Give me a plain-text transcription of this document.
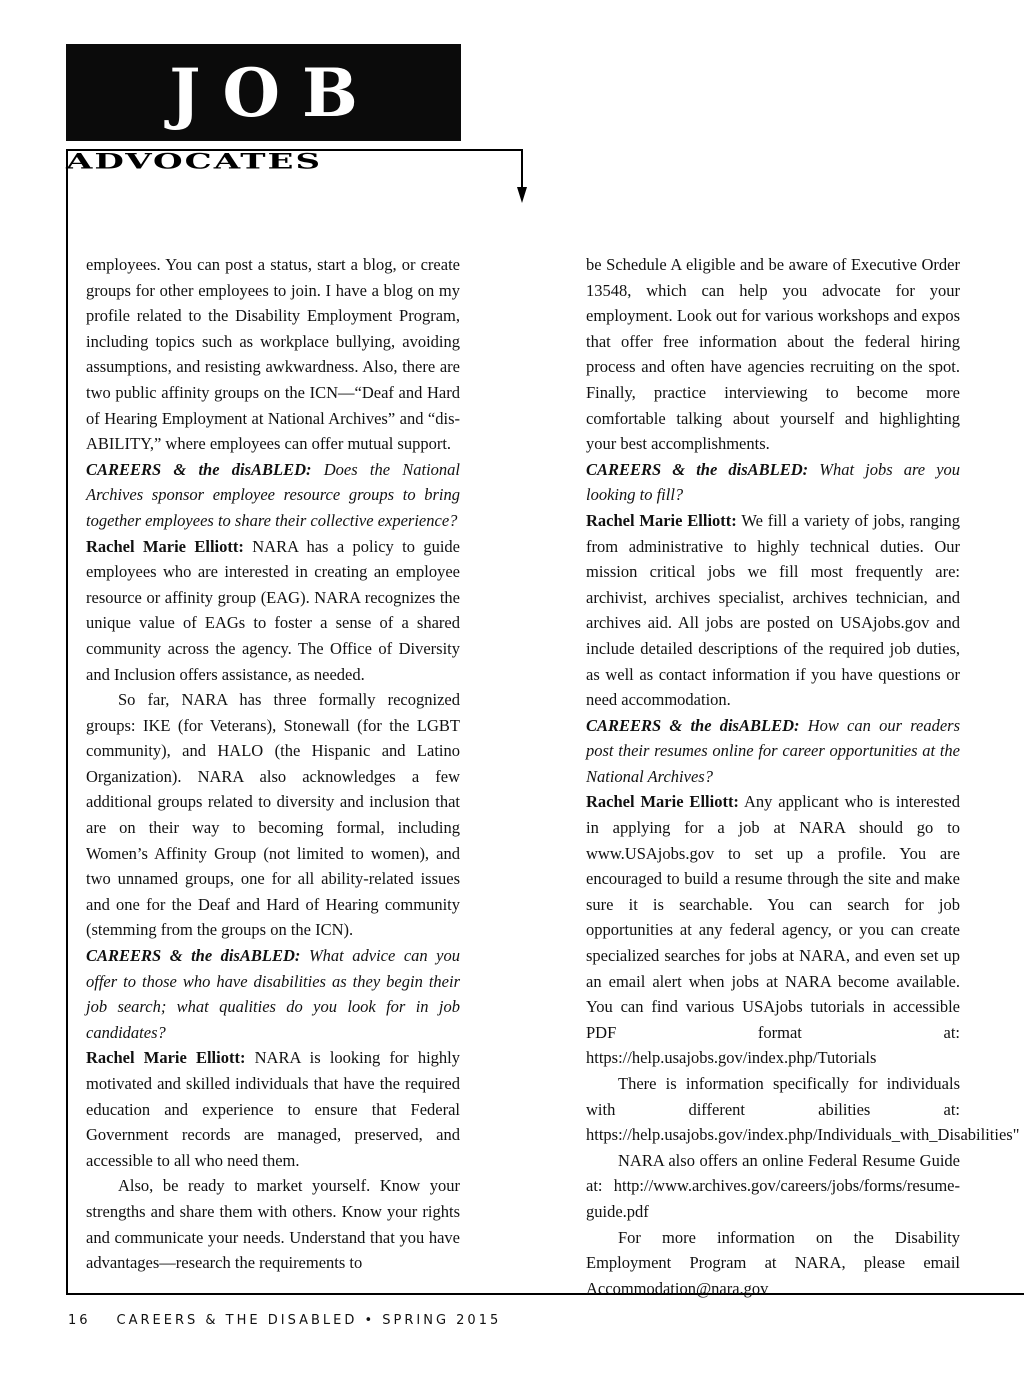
JOB
ADVOCATES

employees. You can post a status, start a blog, or create groups for other employees to join. I have a blog on my profile related to the Disability Employment Program, including topics such as workplace bullying, avoiding assumptions, and resisting awkwardness. Also, there are two public affinity groups on the ICN—“Deaf and Hard of Hearing Employment at National Archives” and “dis-ABILITY,” where employees can offer mutual support.

CAREERS & the disABLED: Does the National Archives sponsor employee resource groups to bring together employees to share their collective experience?

Rachel Marie Elliott: NARA has a policy to guide employees who are interested in creating an employee resource or affinity group (EAG). NARA recognizes the unique value of EAGs to foster a sense of a shared community across the agency. The Office of Diversity and Inclusion offers assistance, as needed.

So far, NARA has three formally recognized groups: IKE (for Veterans), Stonewall (for the LGBT community), and HALO (the Hispanic and Latino Organization). NARA also acknowledges a few additional groups related to diversity and inclusion that are on their way to becoming formal, including Women’s Affinity Group (not limited to women), and two unnamed groups, one for all ability-related issues and one for the Deaf and Hard of Hearing community (stemming from the groups on the ICN).

CAREERS & the disABLED: What advice can you offer to those who have disabilities as they begin their job search; what qualities do you look for in job candidates?

Rachel Marie Elliott: NARA is looking for highly motivated and skilled individuals that have the required education and experience to ensure that Federal Government records are managed, preserved, and accessible to all who need them.

Also, be ready to market yourself. Know your strengths and share them with others. Know your rights and communicate your needs. Understand that you have advantages—research the requirements to

be Schedule A eligible and be aware of Executive Order 13548, which can help you advocate for your employment. Look out for various workshops and expos that offer free information about the federal hiring process and often have agencies recruiting on the spot. Finally, practice interviewing to become more comfortable talking about yourself and highlighting your best accomplishments.

CAREERS & the disABLED: What jobs are you looking to fill?

Rachel Marie Elliott: We fill a variety of jobs, ranging from administrative to highly technical duties. Our mission critical jobs we fill most frequently are: archivist, archives specialist, archives technician, and archives aid. All jobs are posted on USAjobs.gov and include detailed descriptions of the required job duties, as well as contact information if you have questions or need accommodation.

CAREERS & the disABLED: How can our readers post their resumes online for career opportunities at the National Archives?

Rachel Marie Elliott: Any applicant who is interested in applying for a job at NARA should go to www.USAjobs.gov to set up a profile. You are encouraged to build a resume through the site and make sure it is searchable. You can search for job opportunities at any federal agency, or you can create specialized searches for jobs at NARA, and even set up an email alert when jobs at NARA become available. You can find various USAjobs tutorials in accessible PDF format at: https://help.usajobs.gov/index.php/Tutorials

There is information specifically for individuals with different abilities at: https://help.usajobs.gov/index.php/Individuals_with_Disabilities"

NARA also offers an online Federal Resume Guide at: http://www.archives.gov/careers/jobs/forms/resume-guide.pdf

For more information on the Disability Employment Program at NARA, please email Accommodation@nara.gov

16 CAREERS & THE DISABLED • SPRING 2015
